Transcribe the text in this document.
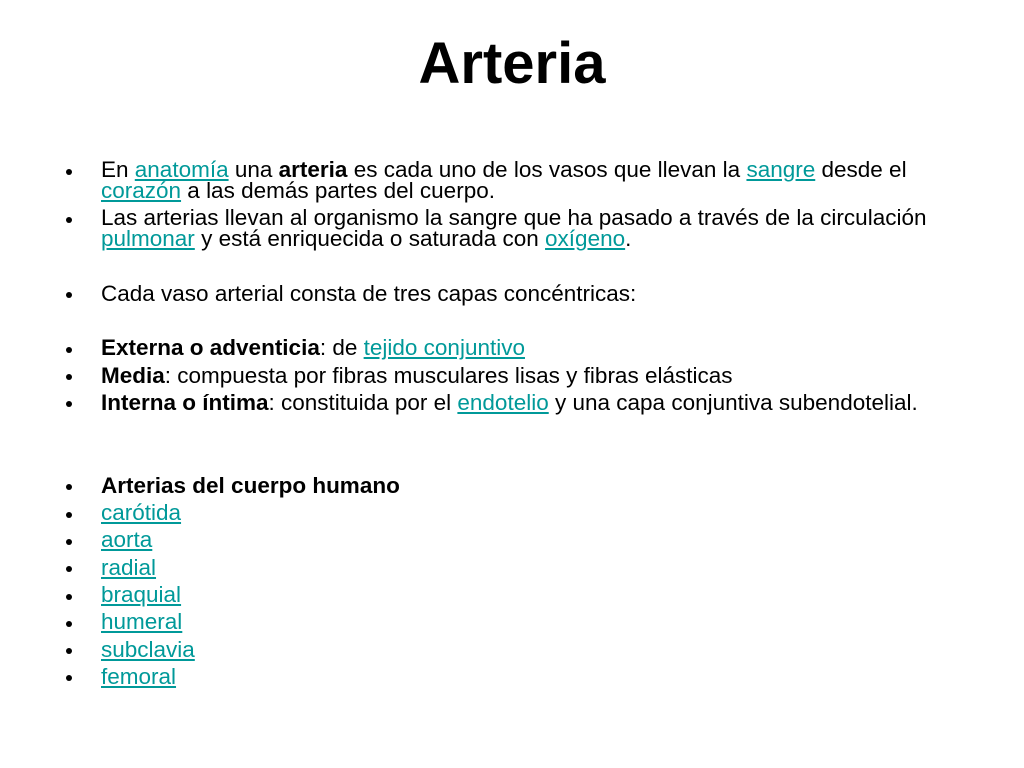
Arteria
En anatomía una arteria es cada uno de los vasos que llevan la sangre desde el corazón a las demás partes del cuerpo.
Las arterias llevan al organismo la sangre que ha pasado a través de la circulación pulmonar y está enriquecida o saturada con oxígeno.
Cada vaso arterial consta de tres capas concéntricas:
Externa o adventicia: de tejido conjuntivo
Media: compuesta por fibras musculares lisas y fibras elásticas
Interna o íntima: constituida por el endotelio y una capa conjuntiva subendotelial.
Arterias del cuerpo humano
carótida
aorta
radial
braquial
humeral
subclavia
femoral
